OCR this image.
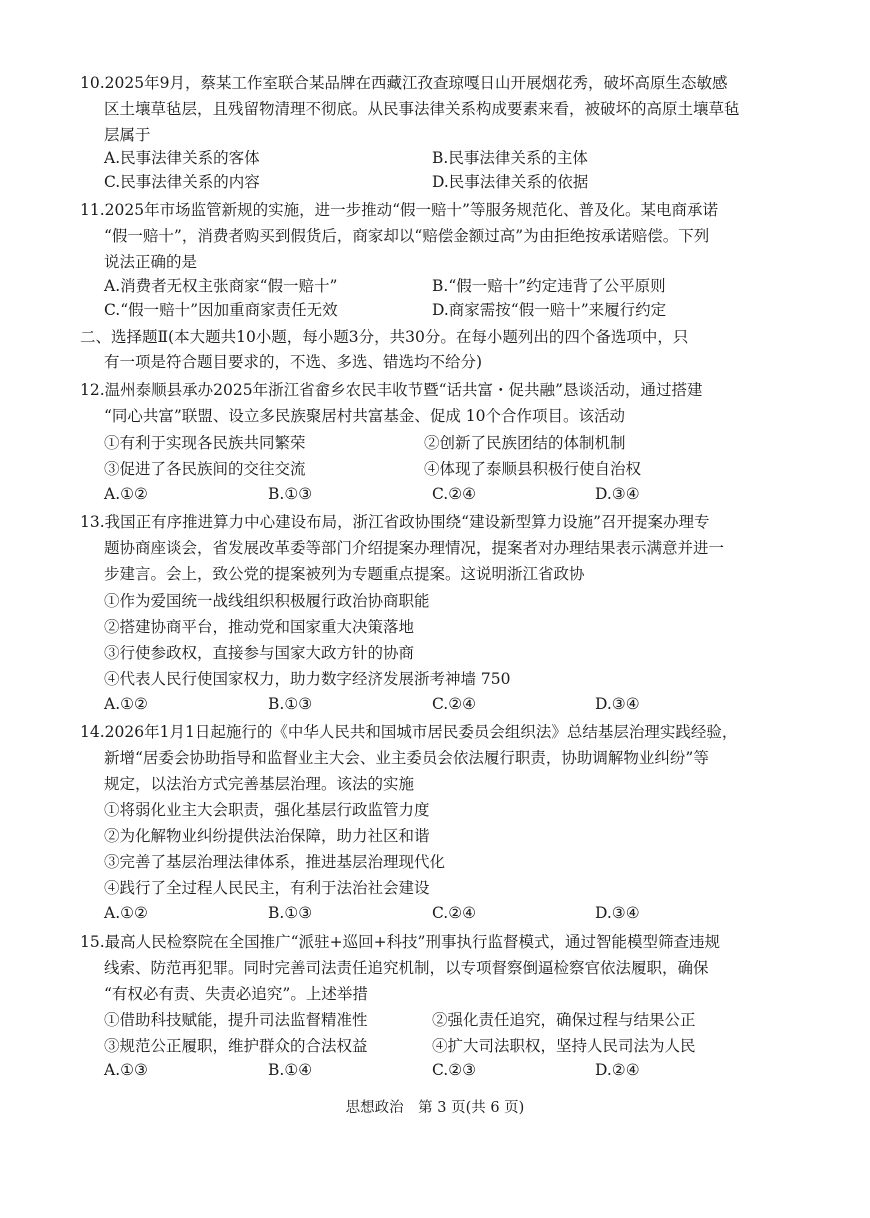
10.2025年9月，蔡某工作室联合某品牌在西藏江孜查琼嘎日山开展烟花秀，破坏高原生态敏感
区土壤草毡层，且残留物清理不彻底。从民事法律关系构成要素来看，被破坏的高原土壤草毡
层属于
A.民事法律关系的客体	B.民事法律关系的主体
C.民事法律关系的内容	D.民事法律关系的依据
11.2025年市场监管新规的实施，进一步推动“假一赔十”等服务规范化、普及化。某电商承诺
“假一赔十”，消费者购买到假货后，商家却以“赔偿金额过高”为由拒绝按承诺赔偿。下列
说法正确的是
A.消费者无权主张商家“假一赔十”	B.“假一赔十”约定违背了公平原则
C.“假一赔十”因加重商家责任无效	D.商家需按“假一赔十”来履行约定
二、选择题Ⅱ(本大题共10小题，每小题3分，共30分。在每小题列出的四个备选项中，只
有一项是符合题目要求的，不选、多选、错选均不给分)
12.温州泰顺县承办2025年浙江省畲乡农民丰收节暨“话共富・促共融”恳谈活动，通过搭建
“同心共富”联盟、设立多民族聚居村共富基金、促成 10个合作项目。该活动
①有利于实现各民族共同繁荣	②创新了民族团结的体制机制
③促进了各民族间的交往交流	④体现了泰顺县积极行使自治权
A.①②	B.①③	C.②④	D.③④
13.我国正有序推进算力中心建设布局，浙江省政协围绕“建设新型算力设施”召开提案办理专
题协商座谈会，省发展改革委等部门介绍提案办理情况，提案者对办理结果表示满意并进一
步建言。会上，致公党的提案被列为专题重点提案。这说明浙江省政协
①作为爱国统一战线组织积极履行政治协商职能
②搭建协商平台，推动党和国家重大决策落地
③行使参政权，直接参与国家大政方针的协商
④代表人民行使国家权力，助力数字经济发展浙考神墙 750
A.①②	B.①③	C.②④	D.③④
14.2026年1月1日起施行的《中华人民共和国城市居民委员会组织法》总结基层治理实践经验，
新增“居委会协助指导和监督业主大会、业主委员会依法履行职责，协助调解物业纠纷”等
规定，以法治方式完善基层治理。该法的实施
①将弱化业主大会职责，强化基层行政监管力度
②为化解物业纠纷提供法治保障，助力社区和谐
③完善了基层治理法律体系，推进基层治理现代化
④践行了全过程人民民主，有利于法治社会建设
A.①②	B.①③	C.②④	D.③④
15.最高人民检察院在全国推广“派驻+巡回+科技”刑事执行监督模式，通过智能模型筛查违规
线索、防范再犯罪。同时完善司法责任追究机制，以专项督察倒逼检察官依法履职，确保
“有权必有责、失责必追究”。上述举措
①借助科技赋能，提升司法监督精准性	②强化责任追究，确保过程与结果公正
③规范公正履职，维护群众的合法权益	④扩大司法职权，坚持人民司法为人民
A.①③	B.①④	C.②③	D.②④
思想政治　第 3 页(共 6 页)
